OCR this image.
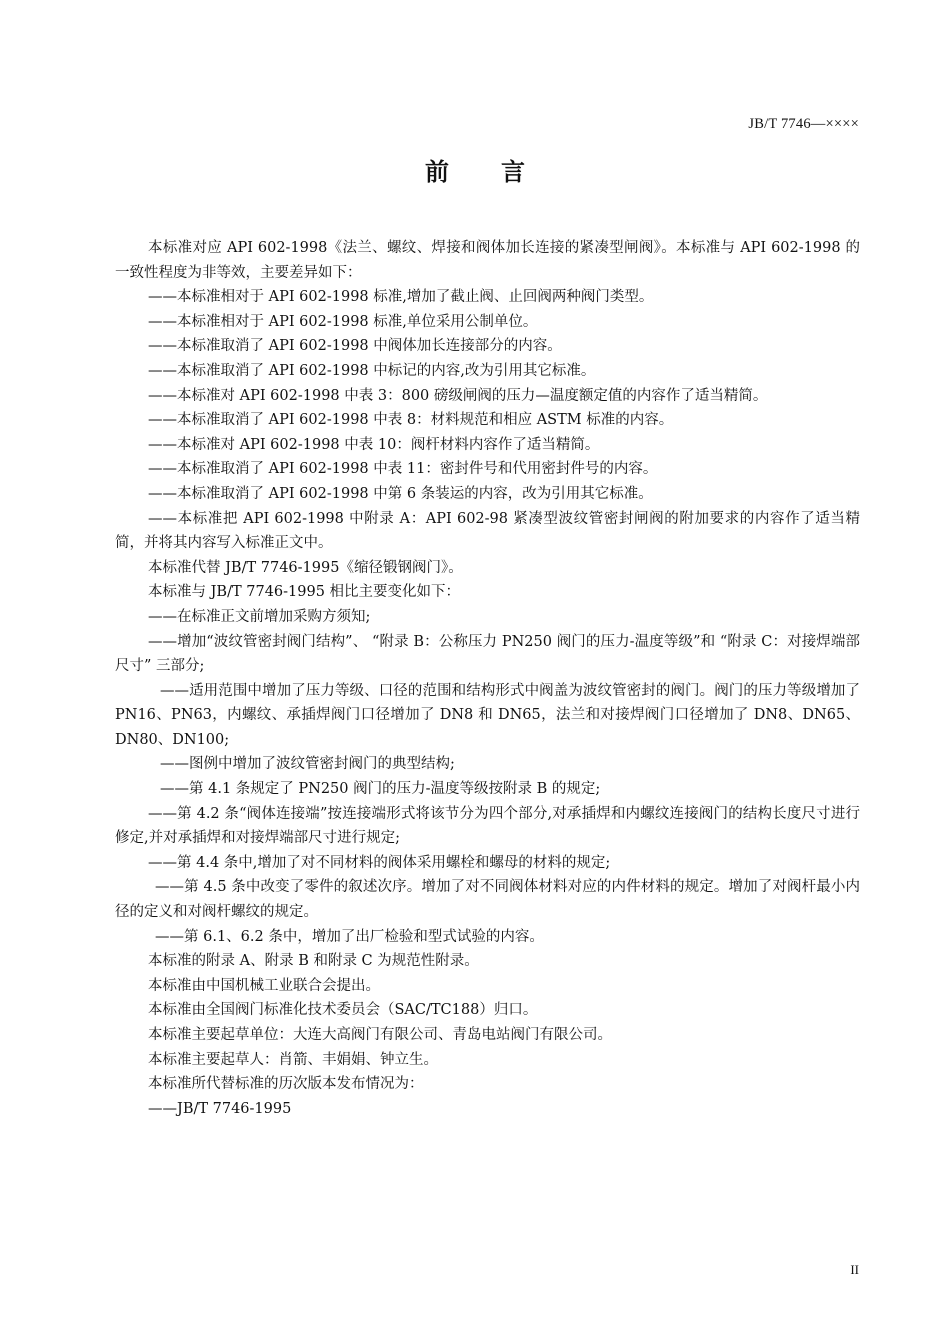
JB/T 7746—××××
前言

本标准对应 API 602-1998《法兰、螺纹、焊接和阀体加长连接的紧凑型闸阀》。本标准与 API 602-1998 的一致性程度为非等效，主要差异如下：

——本标准相对于 API 602-1998 标准,增加了截止阀、止回阀两种阀门类型。

——本标准相对于 API 602-1998 标准,单位采用公制单位。

——本标准取消了 API 602-1998 中阀体加长连接部分的内容。

——本标准取消了 API 602-1998 中标记的内容,改为引用其它标准。

——本标准对 API 602-1998 中表 3：800 磅级闸阀的压力—温度额定值的内容作了适当精简。

——本标准取消了 API 602-1998 中表 8：材料规范和相应 ASTM 标准的内容。

——本标准对 API 602-1998 中表 10：阀杆材料内容作了适当精简。

——本标准取消了 API 602-1998 中表 11：密封件号和代用密封件号的内容。

——本标准取消了 API 602-1998 中第 6 条装运的内容，改为引用其它标准。

——本标准把 API 602-1998 中附录 A：API 602-98 紧凑型波纹管密封闸阀的附加要求的内容作了适当精简，并将其内容写入标准正文中。

本标准代替 JB/T 7746-1995《缩径锻钢阀门》。

本标准与 JB/T 7746-1995 相比主要变化如下：

——在标准正文前增加采购方须知;

——增加“波纹管密封阀门结构”、 “附录 B：公称压力 PN250 阀门的压力-温度等级”和 “附录 C：对接焊端部尺寸” 三部分;

——适用范围中增加了压力等级、口径的范围和结构形式中阀盖为波纹管密封的阀门。阀门的压力等级增加了 PN16、PN63，内螺纹、承插焊阀门口径增加了 DN8 和 DN65，法兰和对接焊阀门口径增加了 DN8、DN65、DN80、DN100;

——图例中增加了波纹管密封阀门的典型结构;

——第 4.1 条规定了 PN250 阀门的压力-温度等级按附录 B 的规定;

——第 4.2 条“阀体连接端”按连接端形式将该节分为四个部分,对承插焊和内螺纹连接阀门的结构长度尺寸进行修定,并对承插焊和对接焊端部尺寸进行规定;

——第 4.4 条中,增加了对不同材料的阀体采用螺栓和螺母的材料的规定;

——第 4.5 条中改变了零件的叙述次序。增加了对不同阀体材料对应的内件材料的规定。增加了对阀杆最小内径的定义和对阀杆螺纹的规定。

——第 6.1、6.2 条中，增加了出厂检验和型式试验的内容。

本标准的附录 A、附录 B 和附录 C 为规范性附录。

本标准由中国机械工业联合会提出。

本标准由全国阀门标准化技术委员会（SAC/TC188）归口。

本标准主要起草单位：大连大高阀门有限公司、青岛电站阀门有限公司。

本标准主要起草人：肖箭、丰娟娟、钟立生。

本标准所代替标准的历次版本发布情况为：

——JB/T 7746-1995

II
